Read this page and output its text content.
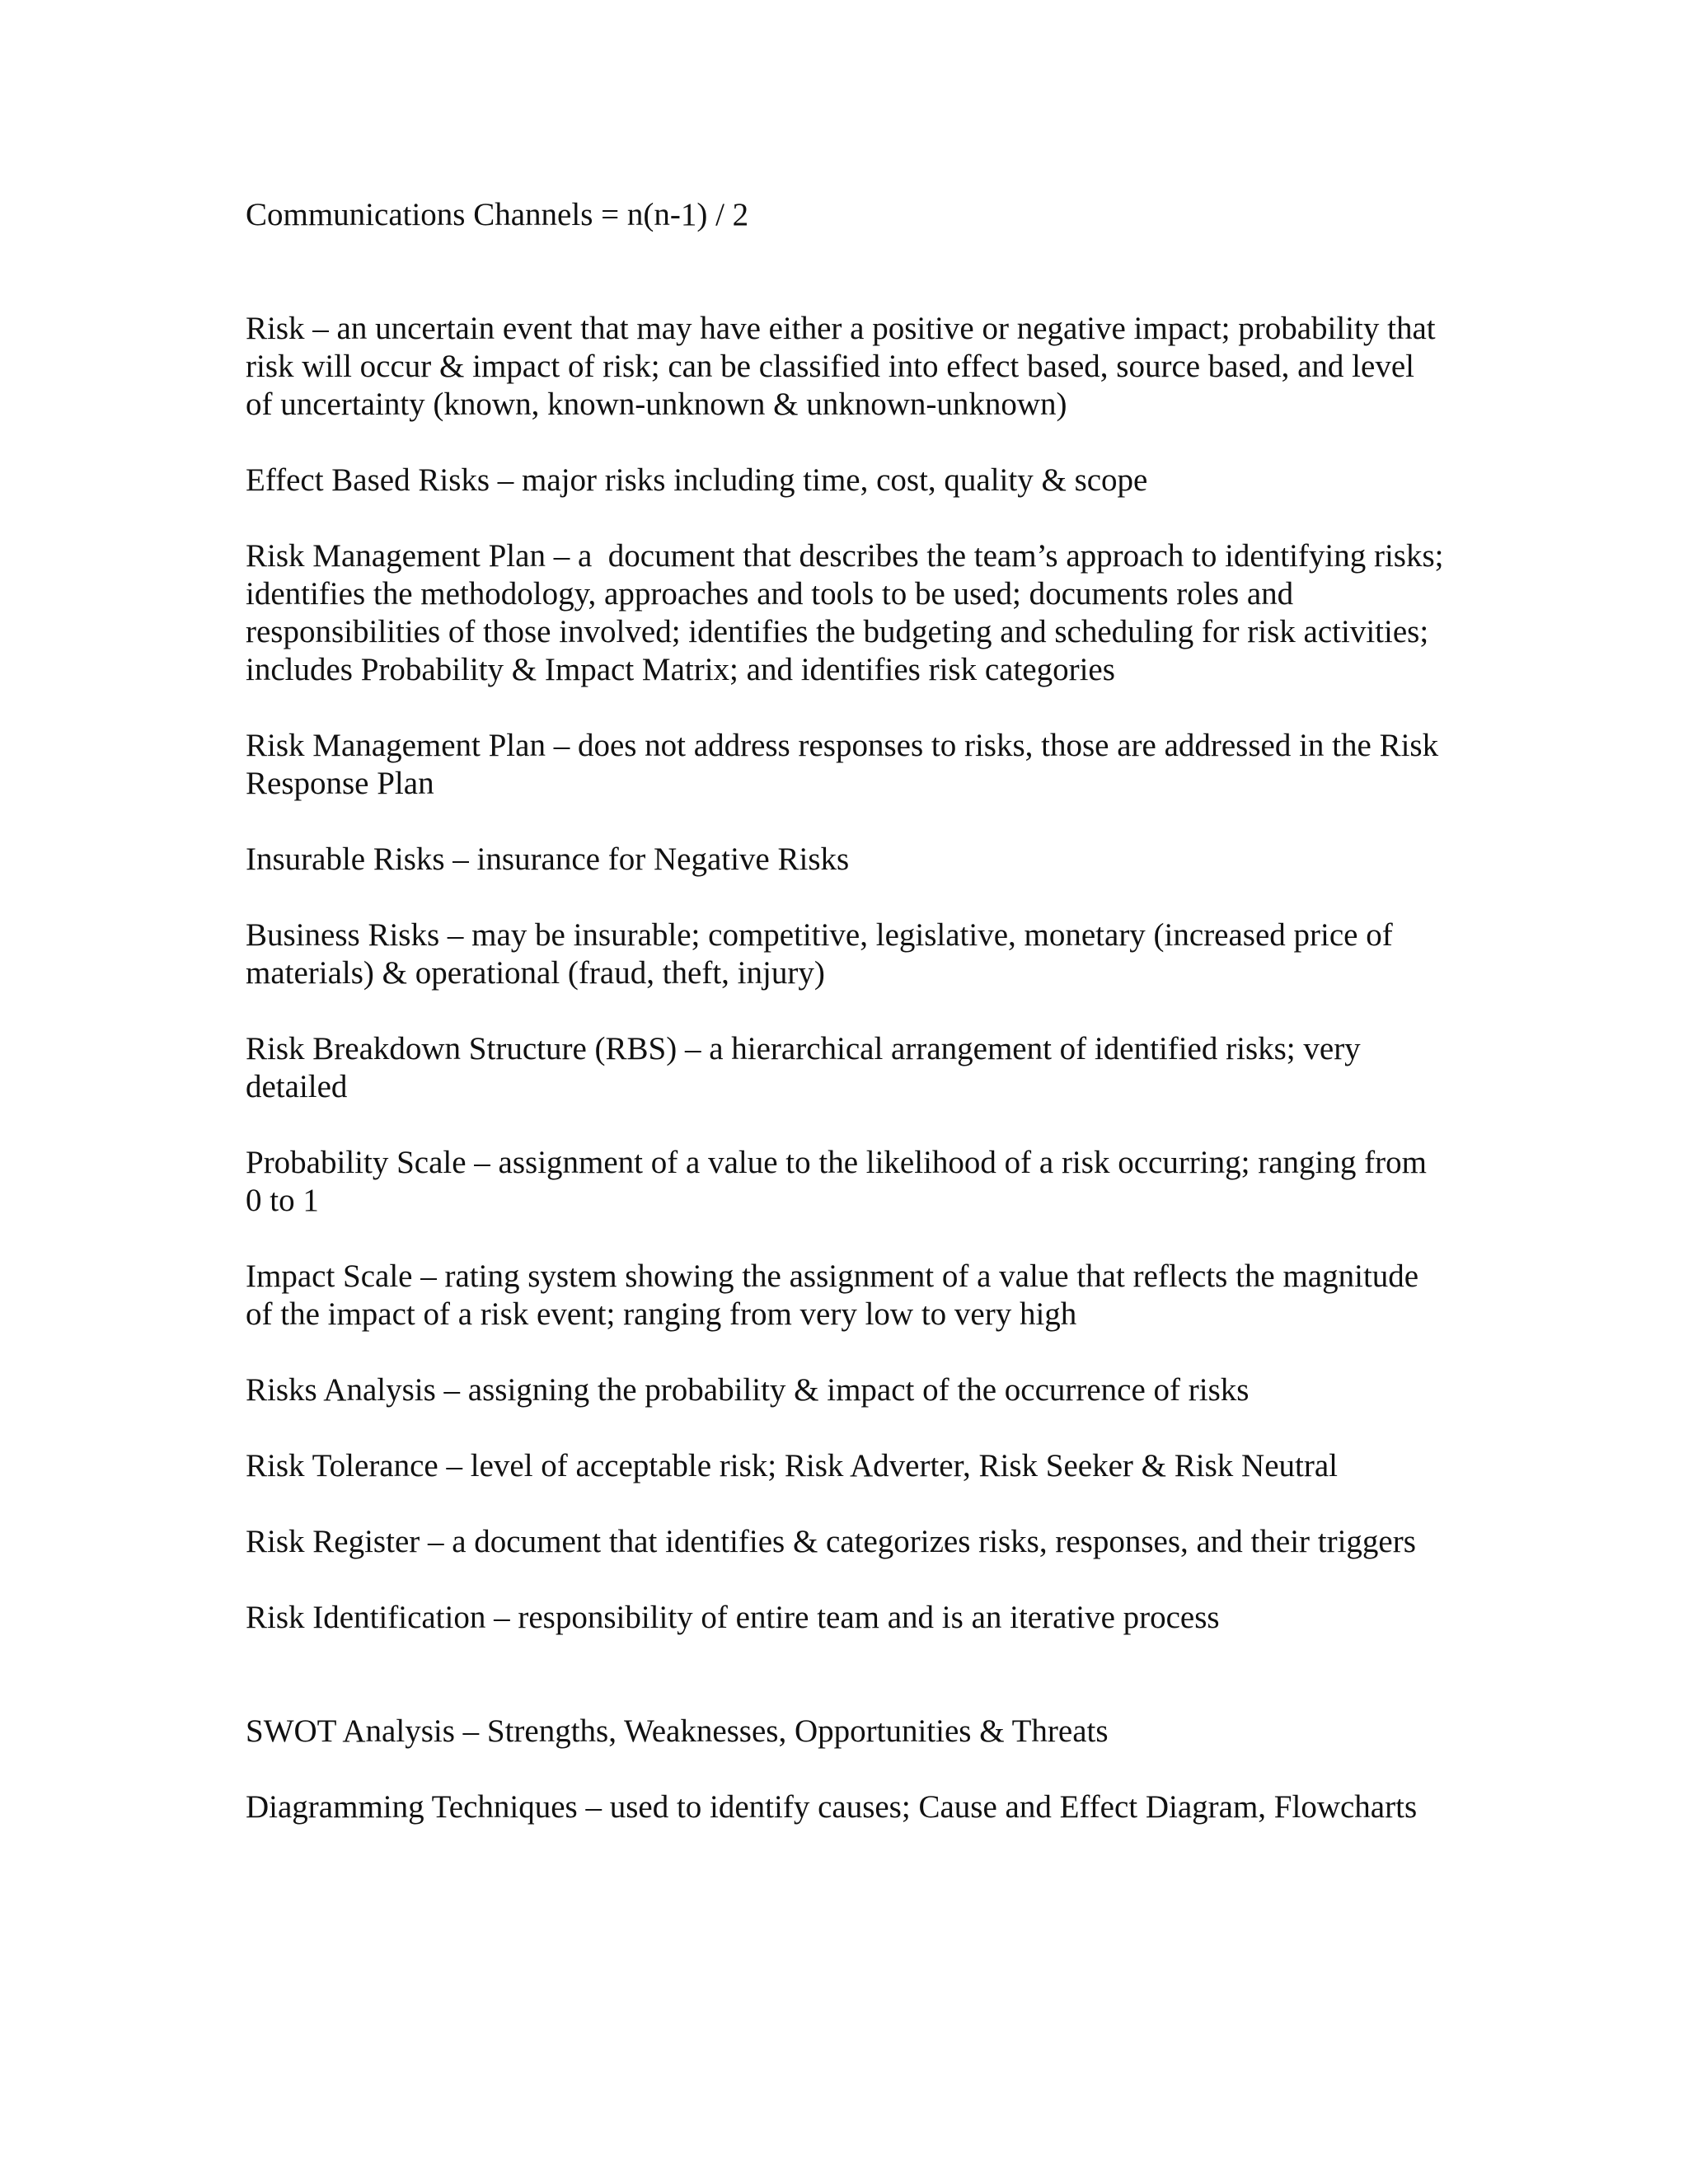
Communications Channels = n(n-1) / 2

Risk – an uncertain event that may have either a positive or negative impact; probability that risk will occur & impact of risk; can be classified into effect based, source based, and level of uncertainty (known, known-unknown & unknown-unknown)

Effect Based Risks – major risks including time, cost, quality & scope

Risk Management Plan – a  document that describes the team’s approach to identifying risks; identifies the methodology, approaches and tools to be used; documents roles and responsibilities of those involved; identifies the budgeting and scheduling for risk activities; includes Probability & Impact Matrix; and identifies risk categories

Risk Management Plan – does not address responses to risks, those are addressed in the Risk Response Plan

Insurable Risks – insurance for Negative Risks

Business Risks – may be insurable; competitive, legislative, monetary (increased price of materials) & operational (fraud, theft, injury)

Risk Breakdown Structure (RBS) – a hierarchical arrangement of identified risks; very detailed

Probability Scale – assignment of a value to the likelihood of a risk occurring; ranging from 0 to 1

Impact Scale – rating system showing the assignment of a value that reflects the magnitude of the impact of a risk event; ranging from very low to very high

Risks Analysis – assigning the probability & impact of the occurrence of risks

Risk Tolerance – level of acceptable risk; Risk Adverter, Risk Seeker & Risk Neutral

Risk Register – a document that identifies & categorizes risks, responses, and their triggers

Risk Identification – responsibility of entire team and is an iterative process

SWOT Analysis – Strengths, Weaknesses, Opportunities & Threats

Diagramming Techniques – used to identify causes; Cause and Effect Diagram, Flowcharts
